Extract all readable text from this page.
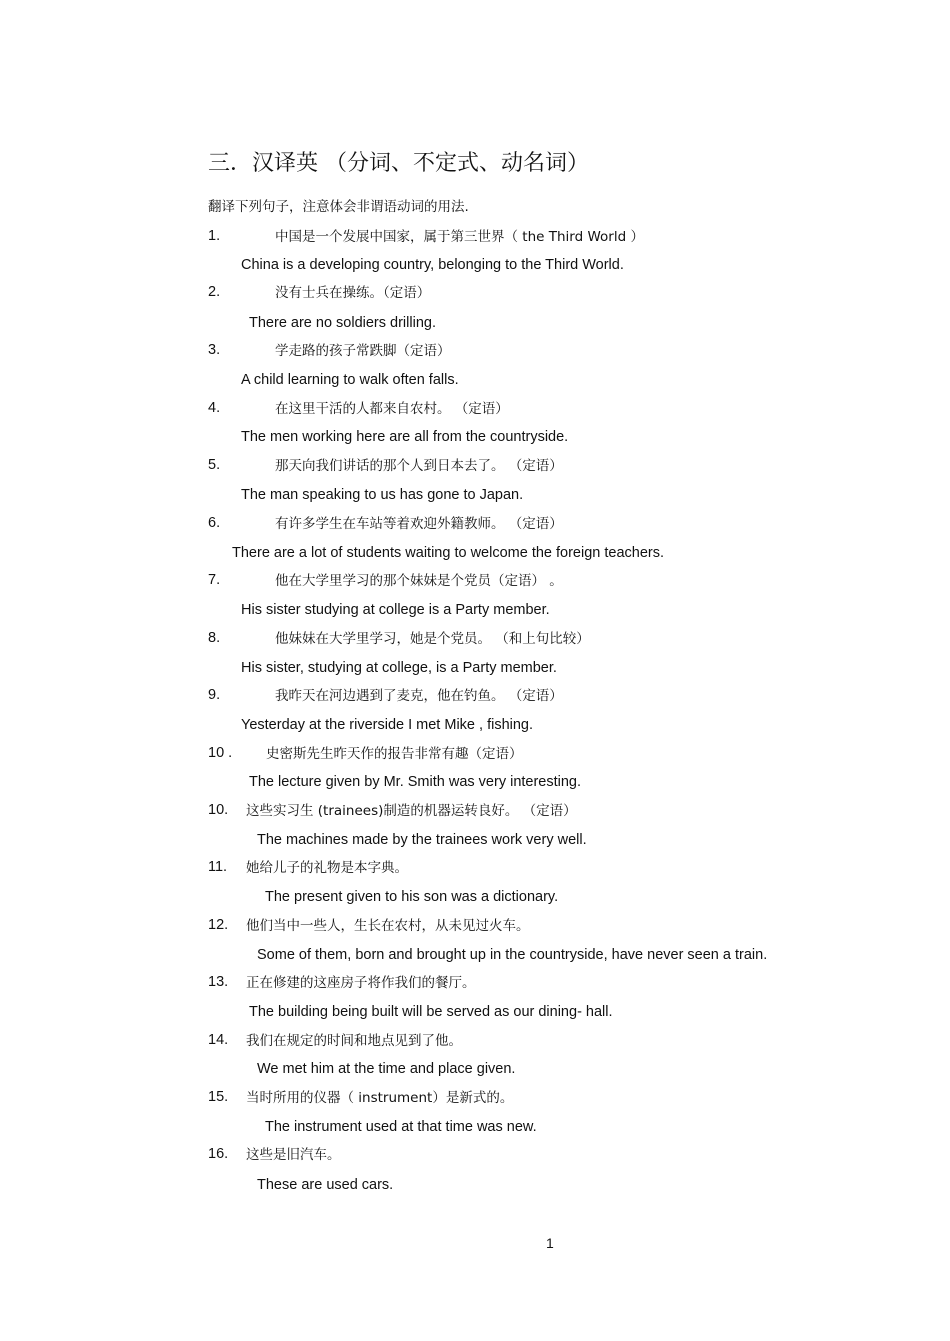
三．汉译英 （分词、不定式、动名词）
翻译下列句子，注意体会非谓语动词的用法.
1.	中国是一个发展中国家，属于第三世界（ the Third World ）
China is a developing country, belonging to the Third World.
2.	没有士兵在操练。（定语）
There are no soldiers drilling.
3.	学走路的孩子常跌脚（定语）
A child learning to walk often falls.
4.	在这里干活的人都来自农村。 （定语）
The men working here are all from the countryside.
5.	那天向我们讲话的那个人到日本去了。 （定语）
The man speaking to us has gone to Japan.
6.	有许多学生在车站等着欢迎外籍教师。 （定语）
There are a lot of students waiting to welcome the foreign teachers.
7.	他在大学里学习的那个妹妹是个党员（定语） 。
His sister studying at college is a Party member.
8.	他妹妹在大学里学习，她是个党员。 （和上句比较）
His sister, studying at college, is a Party member.
9.	我昨天在河边遇到了麦克，他在钓鱼。 （定语）
Yesterday at the riverside I met Mike , fishing.
10 .	史密斯先生昨天作的报告非常有趣（定语）
The lecture given by Mr. Smith was very interesting.
10. 这些实习生 (trainees)制造的机器运转良好。 （定语）
The machines made by the trainees work very well.
11. 她给儿子的礼物是本字典。
The present given to his son was a dictionary.
12. 他们当中一些人，生长在农村，从未见过火车。
Some of them, born and brought up in the countryside, have never seen a train.
13. 正在修建的这座房子将作我们的餐厅。
The building being built will be served as our dining- hall.
14. 我们在规定的时间和地点见到了他。
We met him at the time and place given.
15. 当时所用的仪器（ instrument）是新式的。
The instrument used at that time was new.
16. 这些是旧汽车。
These are used cars.
1
